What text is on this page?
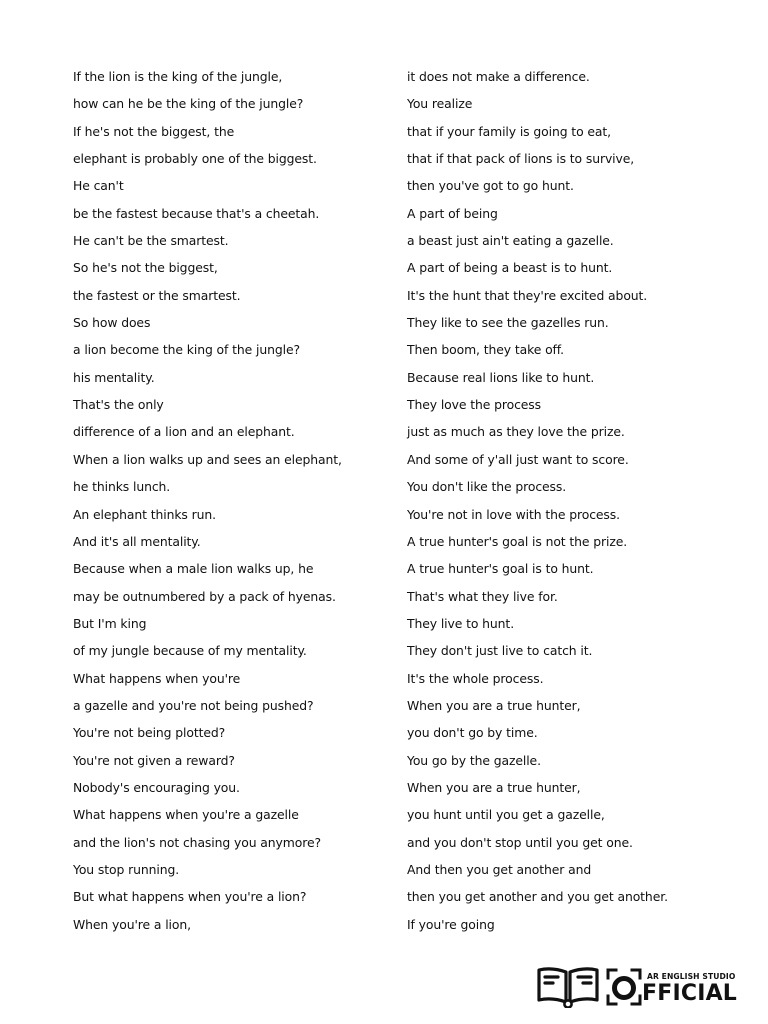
If the lion is the king of the jungle,
how can he be the king of the jungle?
If he's not the biggest, the
elephant is probably one of the biggest.
He can't
be the fastest because that's a cheetah.
He can't be the smartest.
So he's not the biggest,
the fastest or the smartest.
So how does
a lion become the king of the jungle?
his mentality.
That's the only
difference of a lion and an elephant.
When a lion walks up and sees an elephant,
he thinks lunch.
An elephant thinks run.
And it's all mentality.
Because when a male lion walks up, he
may be outnumbered by a pack of hyenas.
But I'm king
of my jungle because of my mentality.
What happens when you're
a gazelle and you're not being pushed?
You're not being plotted?
You're not given a reward?
Nobody's encouraging you.
What happens when you're a gazelle
and the lion's not chasing you anymore?
You stop running.
But what happens when you're a lion?
When you're a lion,
it does not make a difference.
You realize
that if your family is going to eat,
that if that pack of lions is to survive,
then you've got to go hunt.
A part of being
a beast just ain't eating a gazelle.
A part of being a beast is to hunt.
It's the hunt that they're excited about.
They like to see the gazelles run.
Then boom, they take off.
Because real lions like to hunt.
They love the process
just as much as they love the prize.
And some of y'all just want to score.
You don't like the process.
You're not in love with the process.
A true hunter's goal is not the prize.
A true hunter's goal is to hunt.
That's what they live for.
They live to hunt.
They don't just live to catch it.
It's the whole process.
When you are a true hunter,
you don't go by time.
You go by the gazelle.
When you are a true hunter,
you hunt until you get a gazelle,
and you don't stop until you get one.
And then you get another and
then you get another and you get another.
If you're going
AR ENGLISH STUDIO
FFICIAL
